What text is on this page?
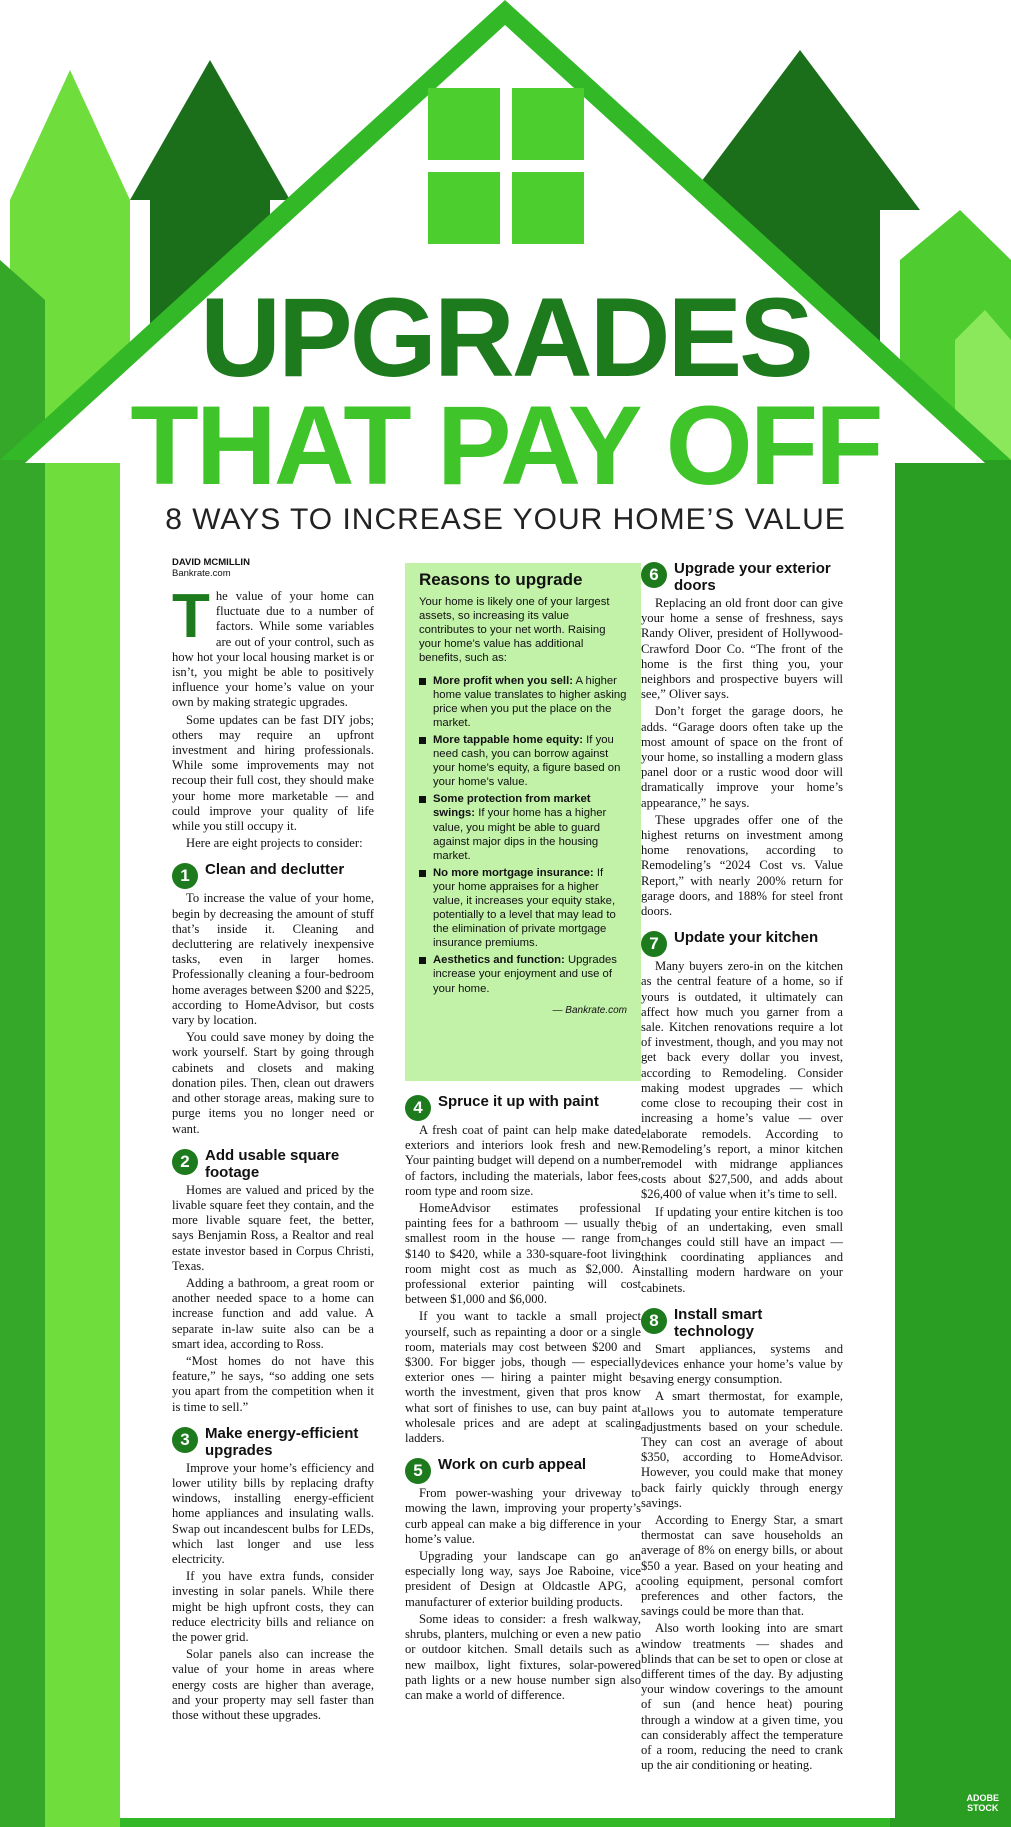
UPGRADES
THAT PAY OFF
8 WAYS TO INCREASE YOUR HOME’S VALUE
DAVID MCMILLIN
Bankrate.com
T he value of your home can fluctuate due to a number of factors. While some variables are out of your control, such as how hot your local housing market is or isn’t, you might be able to positively influence your home’s value on your own by making strategic upgrades.

Some updates can be fast DIY jobs; others may require an upfront investment and hiring professionals. While some improvements may not recoup their full cost, they should make your home more marketable — and could improve your quality of life while you still occupy it.

Here are eight projects to consider:

1	Clean and declutter

To increase the value of your home, begin by decreasing the amount of stuff that’s inside it. Cleaning and decluttering are relatively inexpensive tasks, even in larger homes. Professionally cleaning a four-bedroom home averages between $200 and $225, according to HomeAdvisor, but costs vary by location.

You could save money by doing the work yourself. Start by going through cabinets and closets and making donation piles. Then, clean out drawers and other storage areas, making sure to purge items you no longer need or want.

2	Add usable square footage

Homes are valued and priced by the livable square feet they contain, and the more livable square feet, the better, says Benjamin Ross, a Realtor and real estate investor based in Corpus Christi, Texas.

Adding a bathroom, a great room or another needed space to a home can increase function and add value. A separate in-law suite also can be a smart idea, according to Ross.

“Most homes do not have this feature,” he says, “so adding one sets you apart from the competition when it is time to sell.”

3	Make energy-efficient upgrades

Improve your home’s efficiency and lower utility bills by replacing drafty windows, installing energy-efficient home appliances and insulating walls. Swap out incandescent bulbs for LEDs, which last longer and use less electricity.

If you have extra funds, consider investing in solar panels. While there might be high upfront costs, they can reduce electricity bills and reliance on the power grid.

Solar panels also can increase the value of your home in areas where energy costs are higher than average, and your property may sell faster than those without these upgrades.

Reasons to upgrade
Your home is likely one of your largest assets, so increasing its value contributes to your net worth. Raising your home’s value has additional benefits, such as:
More profit when you sell: A higher home value translates to higher asking price when you put the place on the market.
More tappable home equity: If you need cash, you can borrow against your home’s equity, a figure based on your home’s value.
Some protection from market swings: If your home has a higher value, you might be able to guard against major dips in the housing market.
No more mortgage insurance: If your home appraises for a higher value, it increases your equity stake, potentially to a level that may lead to the elimination of private mortgage insurance premiums.
Aesthetics and function: Upgrades increase your enjoyment and use of your home.
— Bankrate.com
4	Spruce it up with paint

A fresh coat of paint can help make dated exteriors and interiors look fresh and new. Your painting budget will depend on a number of factors, including the materials, labor fees, room type and room size.

HomeAdvisor estimates professional painting fees for a bathroom — usually the smallest room in the house — range from $140 to $420, while a 330-square-foot living room might cost as much as $2,000. A professional exterior painting will cost between $1,000 and $6,000.

If you want to tackle a small project yourself, such as repainting a door or a single room, materials may cost between $200 and $300. For bigger jobs, though — especially exterior ones — hiring a painter might be worth the investment, given that pros know what sort of finishes to use, can buy paint at wholesale prices and are adept at scaling ladders.

5	Work on curb appeal

From power-washing your driveway to mowing the lawn, improving your property’s curb appeal can make a big difference in your home’s value.

Upgrading your landscape can go an especially long way, says Joe Raboine, vice president of Design at Oldcastle APG, a manufacturer of exterior building products.

Some ideas to consider: a fresh walkway, shrubs, planters, mulching or even a new patio or outdoor kitchen. Small details such as a new mailbox, light fixtures, solar-powered path lights or a new house number sign also can make a world of difference.

6	Upgrade your exterior doors

Replacing an old front door can give your home a sense of freshness, says Randy Oliver, president of Hollywood-Crawford Door Co. “The front of the home is the first thing you, your neighbors and prospective buyers will see,” Oliver says.

Don’t forget the garage doors, he adds. “Garage doors often take up the most amount of space on the front of your home, so installing a modern glass panel door or a rustic wood door will dramatically improve your home’s appearance,” he says.

These upgrades offer one of the highest returns on investment among home renovations, according to Remodeling’s “2024 Cost vs. Value Report,” with nearly 200% return for garage doors, and 188% for steel front doors.

7	Update your kitchen

Many buyers zero-in on the kitchen as the central feature of a home, so if yours is outdated, it ultimately can affect how much you garner from a sale. Kitchen renovations require a lot of investment, though, and you may not get back every dollar you invest, according to Remodeling. Consider making modest upgrades — which come close to recouping their cost in increasing a home’s value — over elaborate remodels. According to Remodeling’s report, a minor kitchen remodel with midrange appliances costs about $27,500, and adds about $26,400 of value when it’s time to sell.

If updating your entire kitchen is too big of an undertaking, even small changes could still have an impact — think coordinating appliances and installing modern hardware on your cabinets.

8	Install smart technology

Smart appliances, systems and devices enhance your home’s value by saving energy consumption.

A smart thermostat, for example, allows you to automate temperature adjustments based on your schedule. They can cost an average of about $350, according to HomeAdvisor. However, you could make that money back fairly quickly through energy savings.

According to Energy Star, a smart thermostat can save households an average of 8% on energy bills, or about $50 a year. Based on your heating and cooling equipment, personal comfort preferences and other factors, the savings could be more than that.

Also worth looking into are smart window treatments — shades and blinds that can be set to open or close at different times of the day. By adjusting your window coverings to the amount of sun (and hence heat) pouring through a window at a given time, you can considerably affect the temperature of a room, reducing the need to crank up the air conditioning or heating.

ADOBE
STOCK
